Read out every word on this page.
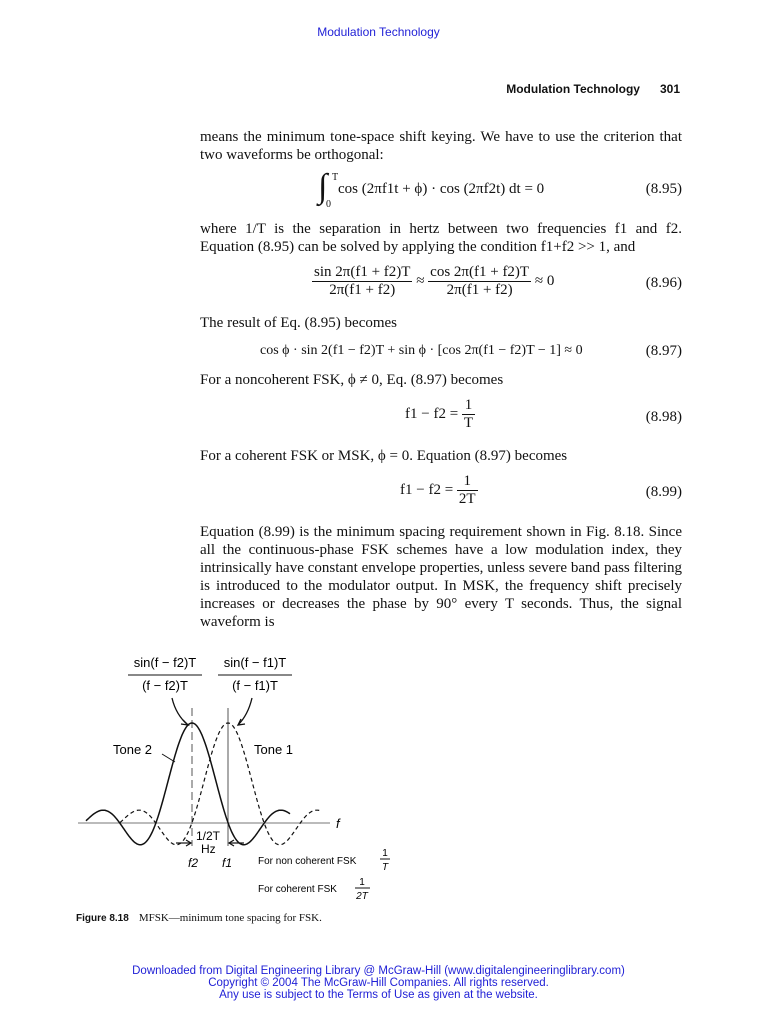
Modulation Technology
Modulation Technology 301
means the minimum tone-space shift keying. We have to use the criterion that two waveforms be orthogonal:
∫ T
0
cos (2πf1t + ϕ) · cos (2πf2t) dt = 0	(8.95)
where 1/T is the separation in hertz between two frequencies f1 and f2. Equation (8.95) can be solved by applying the condition f1+f2 >> 1, and
$\frac{\sin 2\pi(f1 + f2)T}{2\pi(f1 + f2)} \approx \frac{\cos 2\pi(f1 + f2)T}{2\pi(f1 + f2)} \approx 0$	(8.96)
The result of Eq. (8.95) becomes
cos ϕ · sin 2(f1 − f2)T + sin ϕ · [cos 2π(f1 − f2)T − 1] ≈ 0	(8.97)
For a noncoherent FSK, ϕ ≠ 0, Eq. (8.97) becomes
$f1 - f2 = \frac{1}{T}$	(8.98)
For a coherent FSK or MSK, ϕ = 0. Equation (8.97) becomes
$f1 - f2 = \frac{1}{2T}$	(8.99)
Equation (8.99) is the minimum spacing requirement shown in Fig. 8.18. Since all the continuous-phase FSK schemes have a low modulation index, they intrinsically have constant envelope properties, unless severe band pass filtering is introduced to the modulator output. In MSK, the frequency shift precisely increases or decreases the phase by 90° every T seconds. Thus, the signal waveform is
sin(f − f2)T
(f − f2)T
sin(f − f1)T
(f − f1)T
Tone 2	Tone 1
f
1/2T
Hz
f2 f1	For non coherent FSK
1
T
For coherent FSK
1
2T
Figure 8.18 MFSK—minimum tone spacing for FSK.
Downloaded from Digital Engineering Library @ McGraw-Hill (www.digitalengineeringlibrary.com)
Copyright © 2004 The McGraw-Hill Companies. All rights reserved.
Any use is subject to the Terms of Use as given at the website.
